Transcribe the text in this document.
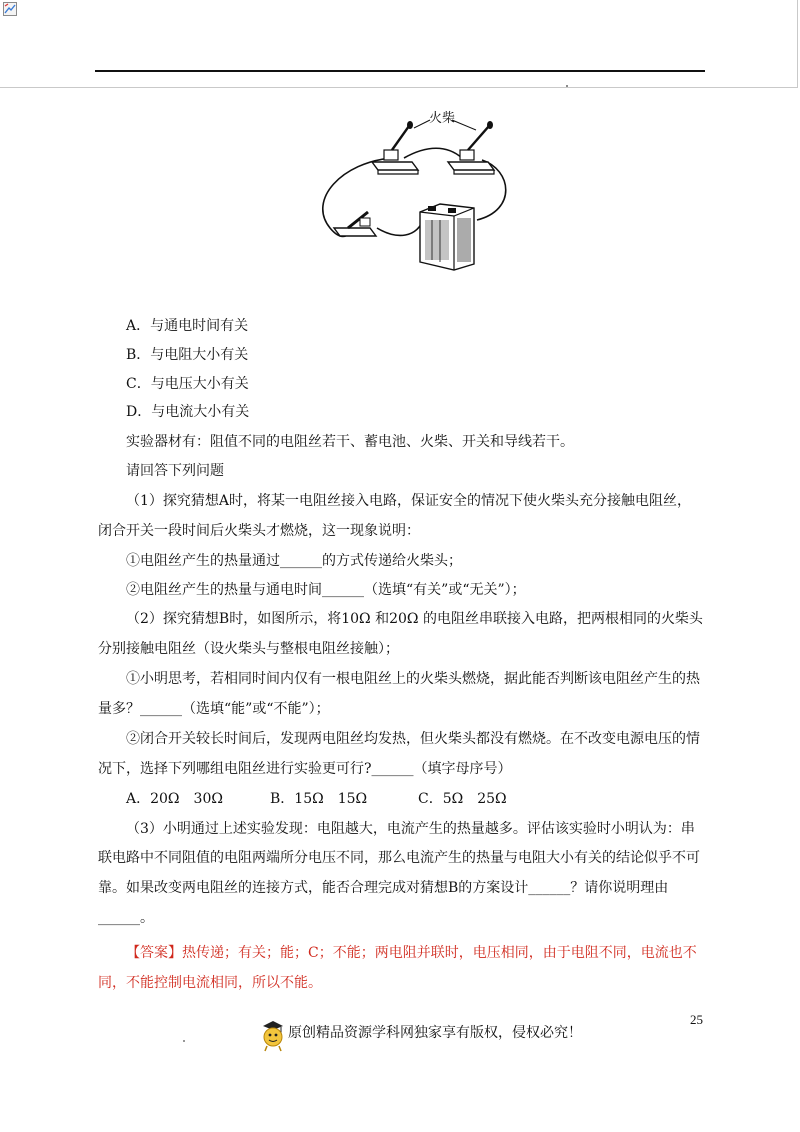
火柴
A．与通电时间有关
B．与电阻大小有关
C．与电压大小有关
D．与电流大小有关
实验器材有：阻值不同的电阻丝若干、蓄电池、火柴、开关和导线若干。
请回答下列问题
（1）探究猜想A时，将某一电阻丝接入电路，保证安全的情况下使火柴头充分接触电阻丝，
闭合开关一段时间后火柴头才燃烧，这一现象说明：
①电阻丝产生的热量通过______的方式传递给火柴头；
②电阻丝产生的热量与通电时间______（选填“有关”或“无关”）；
（2）探究猜想B时，如图所示，将10Ω 和20Ω 的电阻丝串联接入电路，把两根相同的火柴头
分别接触电阻丝（设火柴头与整根电阻丝接触）；
①小明思考，若相同时间内仅有一根电阻丝上的火柴头燃烧，据此能否判断该电阻丝产生的热
量多？______（选填“能”或“不能”）；
②闭合开关较长时间后，发现两电阻丝均发热，但火柴头都没有燃烧。在不改变电源电压的情
况下，选择下列哪组电阻丝进行实验更可行?______（填字母序号）
A．20Ω　30Ω	B．15Ω　15Ω	C．5Ω　25Ω
（3）小明通过上述实验发现：电阻越大，电流产生的热量越多。评估该实验时小明认为：串
联电路中不同阻值的电阻两端所分电压不同，那么电流产生的热量与电阻大小有关的结论似乎不可
靠。如果改变两电阻丝的连接方式，能否合理完成对猜想B的方案设计______？请你说明理由
______。
【答案】热传递；有关；能；C；不能；两电阻并联时，电压相同，由于电阻不同，电流也不
同，不能控制电流相同，所以不能。
25
原创精品资源学科网独家享有版权，侵权必究！
